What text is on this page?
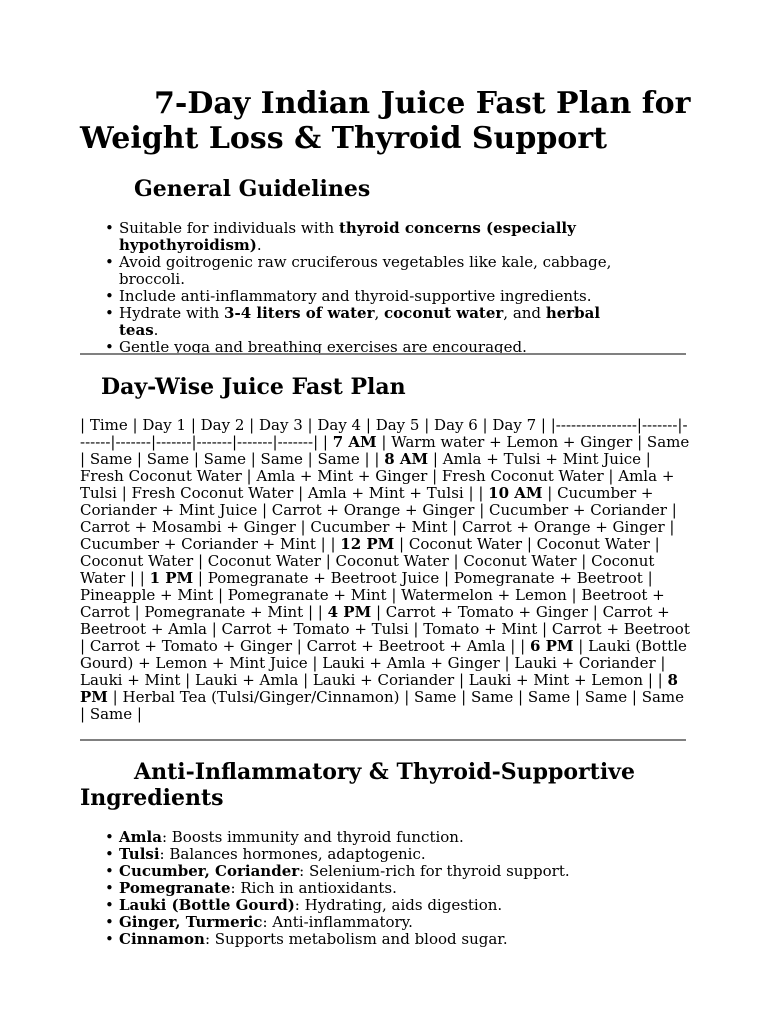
7-Day Indian Juice Fast Plan for Weight Loss & Thyroid Support
General Guidelines
• Suitable for individuals with thyroid concerns (especially hypothyroidism).
• Avoid goitrogenic raw cruciferous vegetables like kale, cabbage, broccoli.
• Include anti-inflammatory and thyroid-supportive ingredients.
• Hydrate with 3-4 liters of water, coconut water, and herbal teas.
• Gentle yoga and breathing exercises are encouraged.
Day-Wise Juice Fast Plan

| Time | Day 1 | Day 2 | Day 3 | Day 4 | Day 5 | Day 6 | Day 7 | |----------------|-------|-------|-------|-------|-------|-------|-------| | 7 AM | Warm water + Lemon + Ginger | Same | Same | Same | Same | Same | Same | | 8 AM | Amla + Tulsi + Mint Juice | Fresh Coconut Water | Amla + Mint + Ginger | Fresh Coconut Water | Amla + Tulsi | Fresh Coconut Water | Amla + Mint + Tulsi | | 10 AM | Cucumber + Coriander + Mint Juice | Carrot + Orange + Ginger | Cucumber + Coriander | Carrot + Mosambi + Ginger | Cucumber + Mint | Carrot + Orange + Ginger | Cucumber + Coriander + Mint | | 12 PM | Coconut Water | Coconut Water | Coconut Water | Coconut Water | Coconut Water | Coconut Water | Coconut Water | | 1 PM | Pomegranate + Beetroot Juice | Pomegranate + Beetroot | Pineapple + Mint | Pomegranate + Mint | Watermelon + Lemon | Beetroot + Carrot | Pomegranate + Mint | | 4 PM | Carrot + Tomato + Ginger | Carrot + Beetroot + Amla | Carrot + Tomato + Tulsi | Tomato + Mint | Carrot + Beetroot | Carrot + Tomato + Ginger | Carrot + Beetroot + Amla | | 6 PM | Lauki (Bottle Gourd) + Lemon + Mint Juice | Lauki + Amla + Ginger | Lauki + Coriander | Lauki + Mint | Lauki + Amla | Lauki + Coriander | Lauki + Mint + Lemon | | 8 PM | Herbal Tea (Tulsi/Ginger/Cinnamon) | Same | Same | Same | Same | Same | Same |

Anti-Inflammatory & Thyroid-Supportive Ingredients
• Amla: Boosts immunity and thyroid function.
• Tulsi: Balances hormones, adaptogenic.
• Cucumber, Coriander: Selenium-rich for thyroid support.
• Pomegranate: Rich in antioxidants.
• Lauki (Bottle Gourd): Hydrating, aids digestion.
• Ginger, Turmeric: Anti-inflammatory.
• Cinnamon: Supports metabolism and blood sugar.
